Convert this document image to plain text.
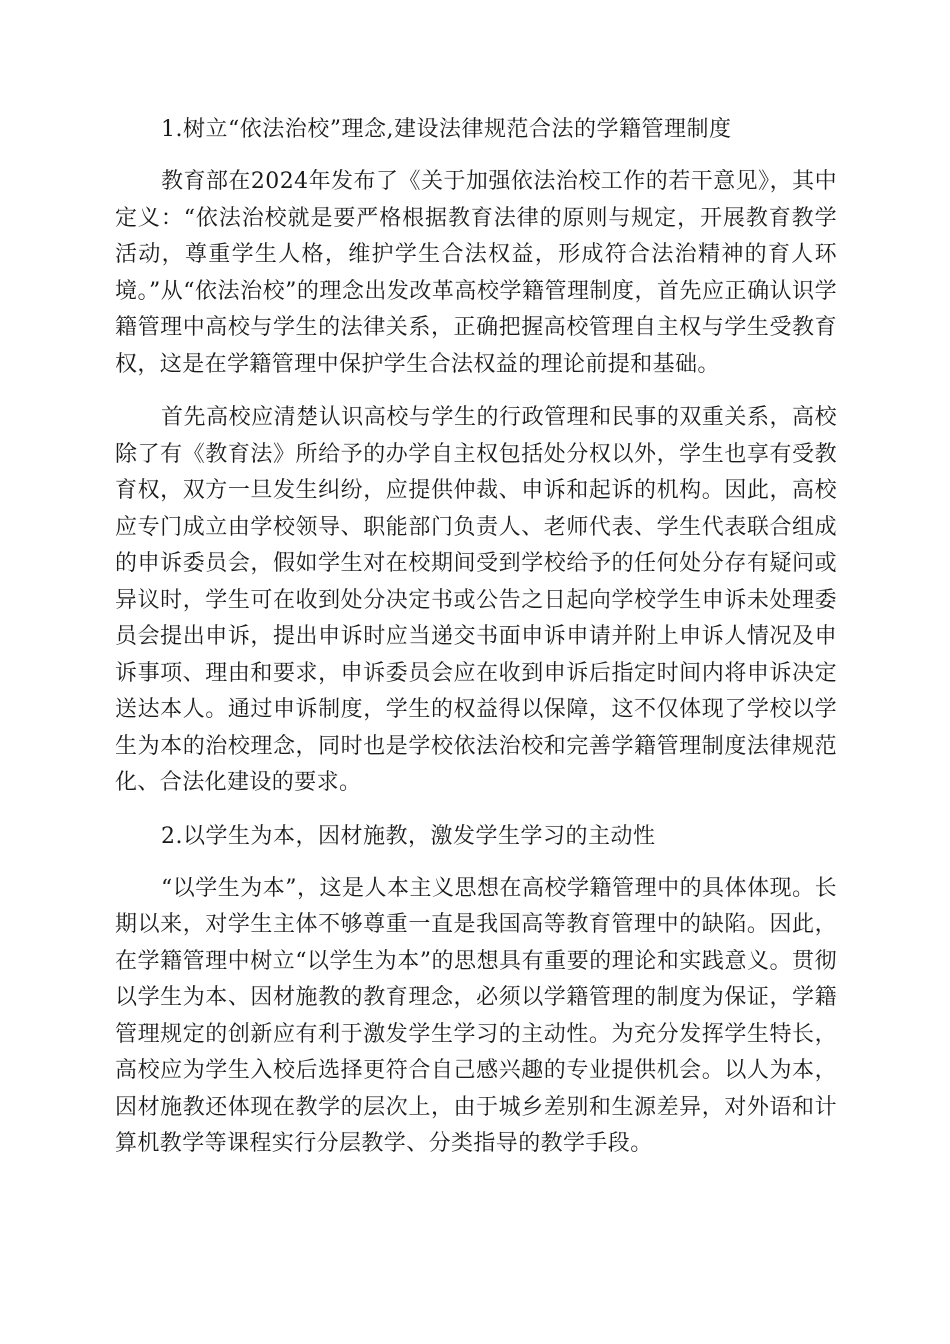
1.树立“依法治校”理念,建设法律规范合法的学籍管理制度

教育部在2024年发布了《关于加强依法治校工作的若干意见》，其中定义：“依法治校就是要严格根据教育法律的原则与规定，开展教育教学活动，尊重学生人格，维护学生合法权益，形成符合法治精神的育人环境。”从“依法治校”的理念出发改革高校学籍管理制度，首先应正确认识学籍管理中高校与学生的法律关系，正确把握高校管理自主权与学生受教育权，这是在学籍管理中保护学生合法权益的理论前提和基础。

首先高校应清楚认识高校与学生的行政管理和民事的双重关系，高校除了有《教育法》所给予的办学自主权包括处分权以外，学生也享有受教育权，双方一旦发生纠纷，应提供仲裁、申诉和起诉的机构。因此，高校应专门成立由学校领导、职能部门负责人、老师代表、学生代表联合组成的申诉委员会，假如学生对在校期间受到学校给予的任何处分存有疑问或异议时，学生可在收到处分决定书或公告之日起向学校学生申诉未处理委员会提出申诉，提出申诉时应当递交书面申诉申请并附上申诉人情况及申诉事项、理由和要求，申诉委员会应在收到申诉后指定时间内将申诉决定送达本人。通过申诉制度，学生的权益得以保障，这不仅体现了学校以学生为本的治校理念，同时也是学校依法治校和完善学籍管理制度法律规范化、合法化建设的要求。

2.以学生为本，因材施教，激发学生学习的主动性

“以学生为本”，这是人本主义思想在高校学籍管理中的具体体现。长期以来，对学生主体不够尊重一直是我国高等教育管理中的缺陷。因此，在学籍管理中树立“以学生为本”的思想具有重要的理论和实践意义。贯彻以学生为本、因材施教的教育理念，必须以学籍管理的制度为保证，学籍管理规定的创新应有利于激发学生学习的主动性。为充分发挥学生特长，高校应为学生入校后选择更符合自己感兴趣的专业提供机会。以人为本，因材施教还体现在教学的层次上，由于城乡差别和生源差异，对外语和计算机教学等课程实行分层教学、分类指导的教学手段。
